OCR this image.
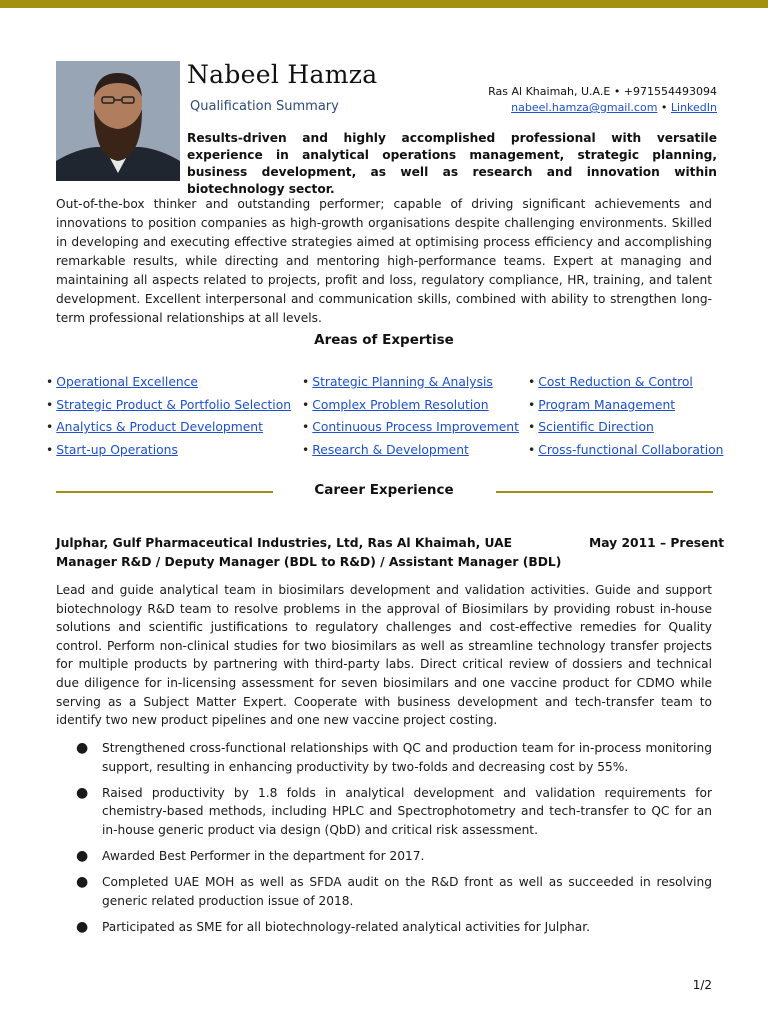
Nabeel Hamza
Qualification Summary
Ras Al Khaimah, U.A.E • +971554493094
nabeel.hamza@gmail.com • LinkedIn
Results-driven and highly accomplished professional with versatile experience in analytical operations management, strategic planning, business development, as well as research and innovation within biotechnology sector.
Out-of-the-box thinker and outstanding performer; capable of driving significant achievements and innovations to position companies as high-growth organisations despite challenging environments. Skilled in developing and executing effective strategies aimed at optimising process efficiency and accomplishing remarkable results, while directing and mentoring high-performance teams. Expert at managing and maintaining all aspects related to projects, profit and loss, regulatory compliance, HR, training, and talent development. Excellent interpersonal and communication skills, combined with ability to strengthen long-term professional relationships at all levels.
Areas of Expertise
• Operational Excellence
• Strategic Product & Portfolio Selection
• Analytics & Product Development
• Start-up Operations
• Strategic Planning & Analysis
• Complex Problem Resolution
• Continuous Process Improvement
• Research & Development
• Cost Reduction & Control
• Program Management
• Scientific Direction
• Cross-functional Collaboration
Career Experience
Julphar, Gulf Pharmaceutical Industries, Ltd, Ras Al Khaimah, UAE	May 2011 – Present
Manager R&D / Deputy Manager (BDL to R&D) / Assistant Manager (BDL)
Lead and guide analytical team in biosimilars development and validation activities. Guide and support biotechnology R&D team to resolve problems in the approval of Biosimilars by providing robust in-house solutions and scientific justifications to regulatory challenges and cost-effective remedies for Quality control. Perform non-clinical studies for two biosimilars as well as streamline technology transfer projects for multiple products by partnering with third-party labs. Direct critical review of dossiers and technical due diligence for in-licensing assessment for seven biosimilars and one vaccine product for CDMO while serving as a Subject Matter Expert. Cooperate with business development and tech-transfer team to identify two new product pipelines and one new vaccine project costing.
● Strengthened cross-functional relationships with QC and production team for in-process monitoring support, resulting in enhancing productivity by two-folds and decreasing cost by 55%.
● Raised productivity by 1.8 folds in analytical development and validation requirements for chemistry-based methods, including HPLC and Spectrophotometry and tech-transfer to QC for an in-house generic product via design (QbD) and critical risk assessment.
● Awarded Best Performer in the department for 2017.
● Completed UAE MOH as well as SFDA audit on the R&D front as well as succeeded in resolving generic related production issue of 2018.
● Participated as SME for all biotechnology-related analytical activities for Julphar.
1/2
